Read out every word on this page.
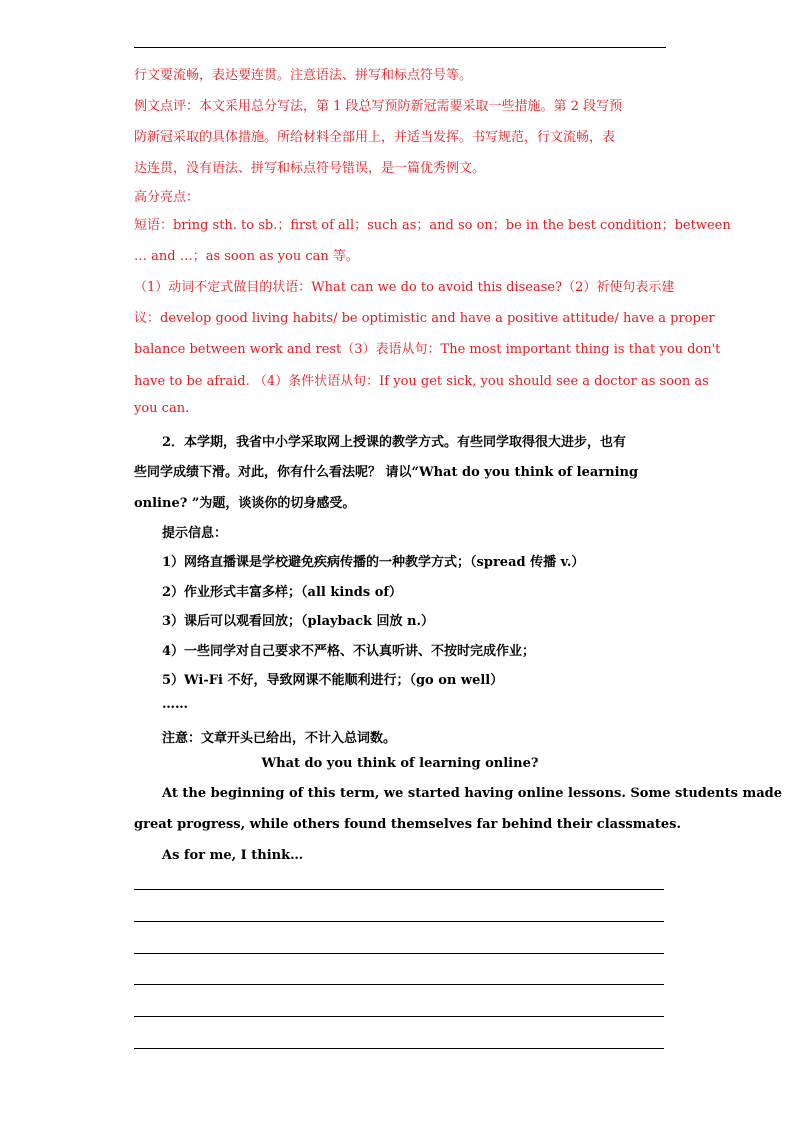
行文要流畅，表达要连贯。注意语法、拼写和标点符号等。
例文点评：本文采用总分写法，第 1 段总写预防新冠需要采取一些措施。第 2 段写预
防新冠采取的具体措施。所给材料全部用上，并适当发挥。书写规范，行文流畅，表
达连贯，没有语法、拼写和标点符号错误，是一篇优秀例文。
高分亮点：
短语：bring sth. to sb.；first of all；such as；and so on；be in the best condition；between
… and …；as soon as you can 等。
（1）动词不定式做目的状语：What can we do to avoid this disease?（2）祈使句表示建
议：develop good living habits/ be optimistic and have a positive attitude/ have a proper
balance between work and rest（3）表语从句：The most important thing is that you don't
have to be afraid. （4）条件状语从句：If you get sick, you should see a doctor as soon as
you can.
2．本学期，我省中小学采取网上授课的教学方式。有些同学取得很大进步，也有
些同学成绩下滑。对此，你有什么看法呢？ 请以“What do you think of learning
online? ”为题，谈谈你的切身感受。
提示信息：
1）网络直播课是学校避免疾病传播的一种教学方式；（spread 传播 v.）
2）作业形式丰富多样；（all kinds of）
3）课后可以观看回放；（playback 回放 n.）
4）一些同学对自己要求不严格、不认真听讲、不按时完成作业；
5）Wi-Fi 不好，导致网课不能顺利进行；（go on well）
……
注意：文章开头已给出，不计入总词数。
What do you think of learning online?
At the beginning of this term, we started having online lessons. Some students made
great progress, while others found themselves far behind their classmates.
As for me, I think…
